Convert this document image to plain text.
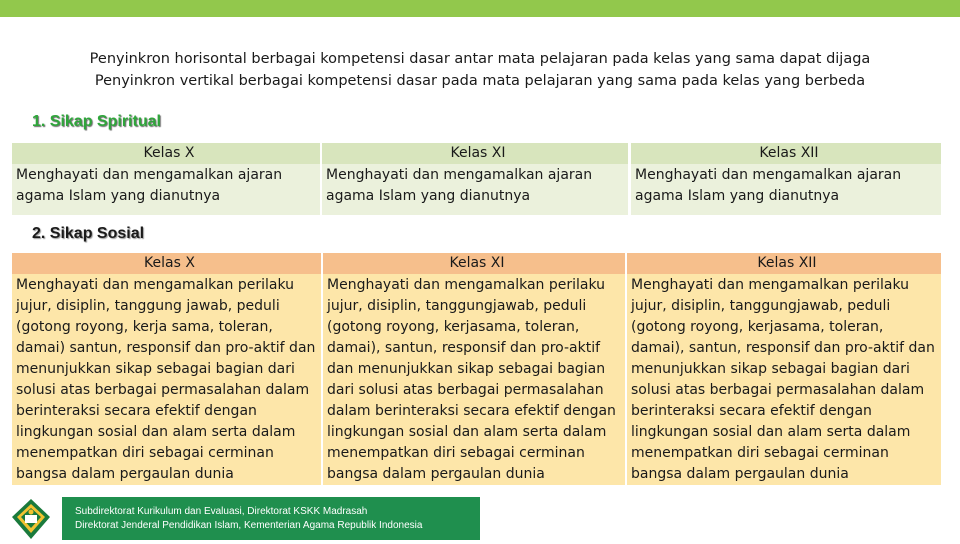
Penyinkron horisontal berbagai kompetensi dasar antar mata pelajaran pada kelas yang sama dapat dijaga
Penyinkron vertikal berbagai kompetensi dasar pada mata pelajaran yang sama pada kelas yang berbeda
1. Sikap Spiritual
Kelas X
Menghayati dan mengamalkan ajaran agama Islam yang dianutnya
Kelas XI
Menghayati dan mengamalkan ajaran agama Islam yang dianutnya
Kelas XII
Menghayati dan mengamalkan ajaran agama Islam yang dianutnya
2. Sikap Sosial
Kelas X
Menghayati dan mengamalkan perilaku jujur, disiplin, tanggung jawab, peduli (gotong royong, kerja sama, toleran, damai) santun, responsif dan pro-aktif dan menunjukkan sikap sebagai bagian dari solusi atas berbagai permasalahan dalam berinteraksi secara efektif dengan lingkungan sosial dan alam serta dalam menempatkan diri sebagai cerminan bangsa dalam pergaulan dunia
Kelas XI
Menghayati dan mengamalkan perilaku jujur, disiplin, tanggungjawab, peduli (gotong royong, kerjasama, toleran, damai), santun, responsif dan pro-aktif dan menunjukkan sikap sebagai bagian dari solusi atas berbagai permasalahan dalam berinteraksi secara efektif dengan lingkungan sosial dan alam serta dalam menempatkan diri sebagai cerminan bangsa dalam pergaulan dunia
Kelas XII
Menghayati dan mengamalkan perilaku jujur, disiplin, tanggungjawab, peduli (gotong royong, kerjasama, toleran, damai), santun, responsif dan pro-aktif dan menunjukkan sikap sebagai bagian dari solusi atas berbagai permasalahan dalam berinteraksi secara efektif dengan lingkungan sosial dan alam serta dalam menempatkan diri sebagai cerminan bangsa dalam pergaulan dunia
Subdirektorat Kurikulum dan Evaluasi, Direktorat KSKK Madrasah
Direktorat Jenderal Pendidikan Islam, Kementerian Agama Republik Indonesia
